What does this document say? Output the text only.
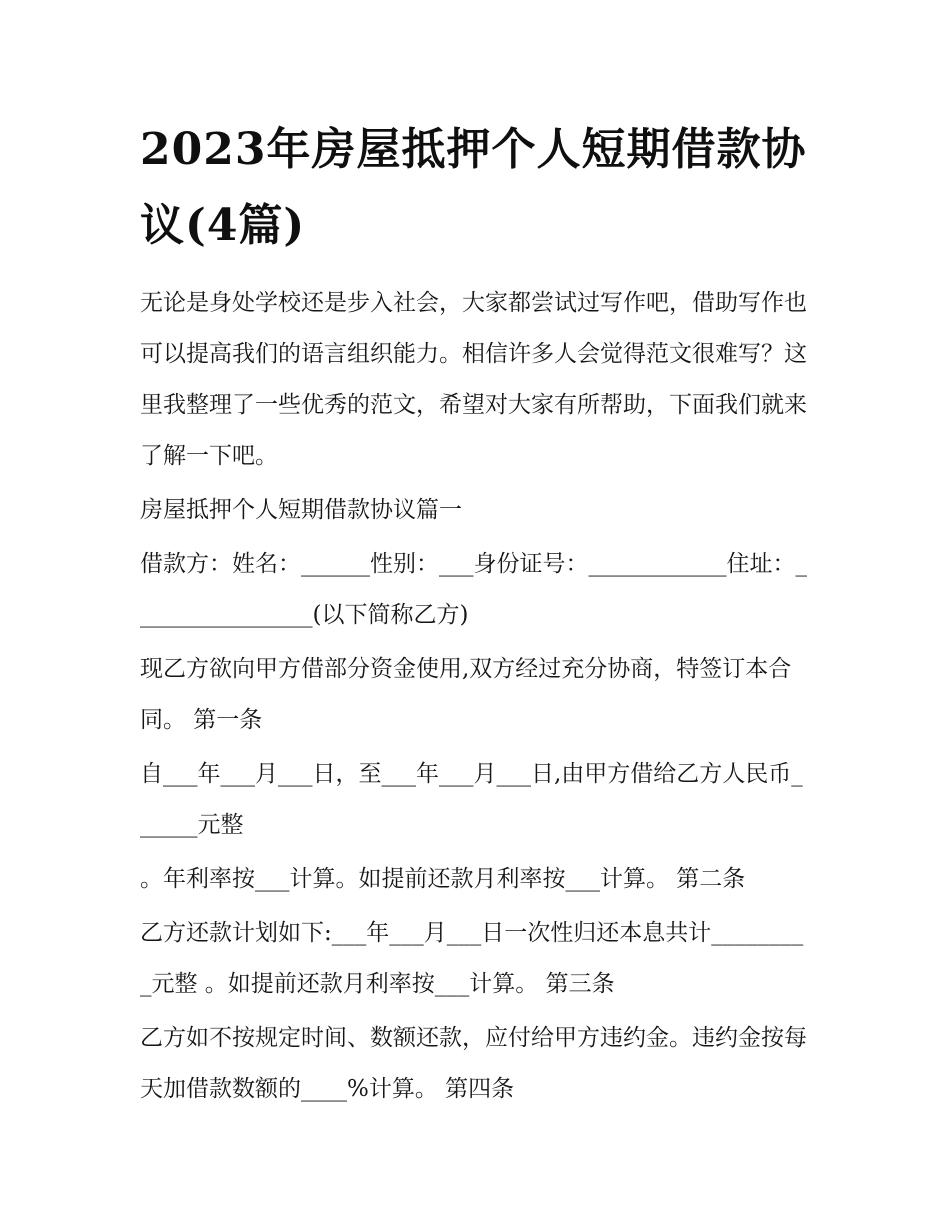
2023年房屋抵押个人短期借款协议(4篇)

无论是身处学校还是步入社会，大家都尝试过写作吧，借助写作也可以提高我们的语言组织能力。相信许多人会觉得范文很难写？这里我整理了一些优秀的范文，希望对大家有所帮助，下面我们就来了解一下吧。

房屋抵押个人短期借款协议篇一

借款方：姓名：______性别：___身份证号：____________住址：________________(以下简称乙方)

现乙方欲向甲方借部分资金使用,双方经过充分协商，特签订本合同。 第一条

自___年___月___日，至___年___月___日,由甲方借给乙方人民币______元整

。年利率按___计算。如提前还款月利率按___计算。 第二条

乙方还款计划如下:___年___月___日一次性归还本息共计_________元整 。如提前还款月利率按___计算。 第三条

乙方如不按规定时间、数额还款，应付给甲方违约金。违约金按每天加借款数额的____%计算。 第四条
